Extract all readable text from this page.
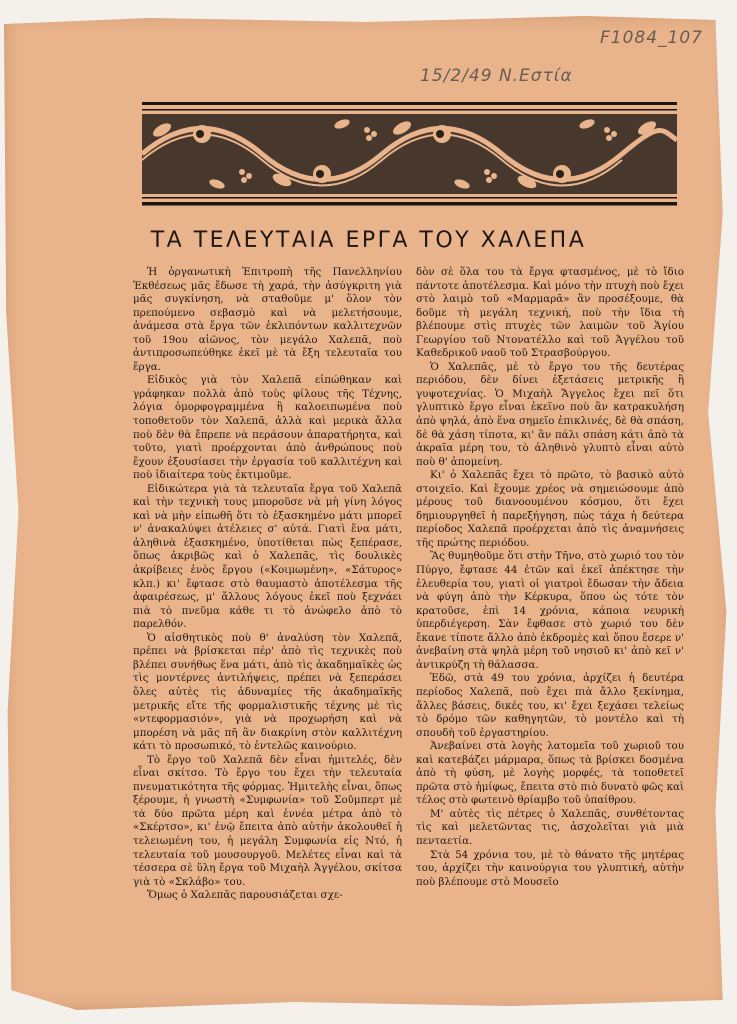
F1084_107
15/2/49 Ν.Εστία
ΤΑ ΤΕΛΕΥΤΑΙΑ ΕΡΓΑ ΤΟΥ ΧΑΛΕΠΑ

Ἡ ὀργανωτικὴ Ἐπιτροπὴ τῆς Πανελληνίου Ἐκθέσεως μᾶς ἔδωσε τὴ χαρά, τὴν ἀσύγκριτη γιὰ μᾶς συγκίνηση, νὰ σταθοῦμε μ' ὅλον τὸν πρεπούμενο σεβασμὸ καὶ νὰ μελετήσουμε, ἀνάμεσα στὰ ἔργα τῶν ἐκλιπόντων καλλιτεχνῶν τοῦ 19ου αἰῶνος, τὸν μεγάλο Χαλεπᾶ, ποὺ ἀντιπροσωπεύθηκε ἐκεῖ μὲ τὰ ἔξη τελευταῖα του ἔργα.

Εἰδικὸς γιὰ τὸν Χαλεπᾶ εἰπώθηκαν καὶ γράφηκαν πολλὰ ἀπὸ τοὺς φίλους τῆς Τέχνης, λόγια ὁμορφογραμμένα ἢ καλοειπωμένα ποὺ τοποθετοῦν τὸν Χαλεπᾶ, ἀλλὰ καὶ μερικὰ ἄλλα ποὺ δὲν θὰ ἔπρεπε νὰ περάσουν ἀπαρατήρητα, καὶ τοῦτο, γιατὶ προέρχονται ἀπὸ ἀνθρώπους ποὺ ἔχουν ἐξουσίασει τὴν ἐργασία τοῦ καλλιτέχνη καὶ ποὺ ἰδιαίτερα τοὺς ἐκτιμοῦμε.

Εἰδικώτερα γιὰ τὰ τελευταῖα ἔργα τοῦ Χαλεπᾶ καὶ τὴν τεχνικὴ τους μποροῦσε νὰ μὴ γίνη λόγος καὶ νὰ μὴν εἰπωθῆ ὅτι τὸ ἐξασκημένο μάτι μπορεῖ ν' ἀνακαλύψει ἀτέλειες σ' αὐτά. Γιατὶ ἕνα μάτι, ἀληθινὰ ἐξασκημένο, ὑποτίθεται πὼς ξεπέρασε, ὅπως ἀκριβῶς καὶ ὁ Χαλεπᾶς, τὶς δουλικὲς ἀκρίβειες ἑνὸς ἔργου («Κοιμωμένη», «Σάτυρος» κλπ.) κι' ἔφτασε στὸ θαυμαστὸ ἀποτέλεσμα τῆς ἀφαιρέσεως, μ' ἄλλους λόγους ἐκεῖ ποὺ ξεχνάει πιὰ τὸ πνεῦμα κάθε τι τὸ ἀνώφελο ἀπὸ τὸ παρελθόν.

Ὁ αἰσθητικὸς ποὺ θ' ἀναλύση τὸν Χαλεπᾶ, πρέπει νὰ βρίσκεται πέρ' ἀπὸ τὶς τεχνικὲς ποὺ βλέπει συνήθως ἕνα μάτι, ἀπὸ τὶς ἀκαδημαϊκὲς ὡς τὶς μοντέρνες ἀντιλήψεις, πρέπει νὰ ξεπεράσει ὅλες αὐτὲς τὶς ἀδυναμίες τῆς ἀκαδημαϊκῆς μετρικῆς εἴτε τῆς φορμαλιστικῆς τέχνης μὲ τὶς «ντεφορμασιόν», γιὰ νὰ προχωρήση καὶ νὰ μπορέση νὰ μᾶς πῆ ἂν διακρίνη στὸν καλλιτέχνη κάτι τὸ προσωπικό, τὸ ἐντελῶς καινούριο.

Τὸ ἔργο τοῦ Χαλεπᾶ δὲν εἶναι ἡμιτελές, δὲν εἶναι σκίτσο. Τὸ ἔργο του ἔχει τὴν τελευταία πνευματικότητα τῆς φόρμας. Ἡμιτελὴς εἶναι, ὅπως ξέρουμε, ἡ γνωστὴ «Συμφωνία» τοῦ Σοῦμπερτ μὲ τὰ δύο πρῶτα μέρη καὶ ἐννέα μέτρα ἀπὸ τὸ «Σκέρτσο», κι' ἐνῷ ἔπειτα ἀπὸ αὐτὴν ἀκολουθεῖ ἡ τελειωμένη του, ἡ μεγάλη Συμφωνία εἰς Ντό, ἡ τελευταία τοῦ μουσουργοῦ. Μελέτες εἶναι καὶ τὰ τέσσερα σὲ ὕλη ἔργα τοῦ Μιχαὴλ Ἀγγέλου, σκίτσα γιὰ τὸ «Σκλάβο» του.

Ὅμως ὁ Χαλεπᾶς παρουσιάζεται σχε-

δὸν σὲ ὅλα του τὰ ἔργα φτασμένος, μὲ τὸ ἴδιο πάντοτε ἀποτέλεσμα. Καὶ μόνο τὴν πτυχὴ ποὺ ἔχει στὸ λαιμὸ τοῦ «Μαρμαρᾶ» ἂν προσέξουμε, θὰ δοῦμε τὴ μεγάλη τεχνική, ποὺ τὴν ἴδια τὴ βλέπουμε στὶς πτυχὲς τῶν λαιμῶν τοῦ Ἁγίου Γεωργίου τοῦ Ντονατέλλο καὶ τοῦ Ἀγγέλου τοῦ Καθεδρικοῦ ναοῦ τοῦ Στρασβούργου.

Ὁ Χαλεπᾶς, μὲ τὸ ἔργο του τῆς δευτέρας περιόδου, δὲν δίνει ἐξετάσεις μετρικῆς ἢ γυψοτεχνίας. Ὁ Μιχαὴλ Ἄγγελος ἔχει πεῖ ὅτι γλυπτικὸ ἔργο εἶναι ἐκεῖνο ποὺ ἂν κατρακυλήση ἀπὸ ψηλά, ἀπὸ ἕνα σημεῖο ἐπικλινές, δὲ θὰ σπάση, δὲ θὰ χάση τίποτα, κι' ἂν πάλι σπάση κάτι ἀπὸ τὰ ἀκραῖα μέρη του, τὸ ἀληθινὸ γλυπτὸ εἶναι αὐτὸ ποὺ θ' ἀπομείνη.

Κι' ὁ Χαλεπᾶς ἔχει τὸ πρῶτο, τὸ βασικὸ αὐτὸ στοιχεῖο. Καὶ ἔχουμε χρέος νὰ σημειώσουμε ἀπὸ μέρους τοῦ διανοουμένου κόσμου, ὅτι ἔχει δημιουργηθεῖ ἡ παρεξήγηση, πὼς τάχα ἡ δεύτερα περίοδος Χαλεπᾶ προέρχεται ἀπὸ τὶς ἀναμνήσεις τῆς πρώτης περιόδου.

Ἂς θυμηθοῦμε ὅτι στὴν Τῆνο, στὸ χωριό του τὸν Πύργο, ἔφτασε 44 ἐτῶν καὶ ἐκεῖ ἀπέκτησε τὴν ἐλευθερία του, γιατὶ οἱ γιατροὶ ἔδωσαν τὴν ἄδεια νὰ φύγη ἀπὸ τὴν Κέρκυρα, ὅπου ὡς τότε τὸν κρατοῦσε, ἐπὶ 14 χρόνια, κάποια νευρικὴ ὑπερδιέγερση. Σὰν ἔφθασε στὸ χωριό του δὲν ἔκανε τίποτε ἄλλο ἀπὸ ἐκδρομὲς καὶ ὅπου ἔσερε ν' ἀνεβαίνη στὰ ψηλὰ μέρη τοῦ νησιοῦ κι' ἀπὸ κεῖ ν' ἀντικρύζη τὴ θάλασσα.

Ἐδῶ, στὰ 49 του χρόνια, ἀρχίζει ἡ δευτέρα περίοδος Χαλεπᾶ, ποὺ ἔχει πιὰ ἄλλο ξεκίνημα, ἄλλες βάσεις, δικές του, κι' ἔχει ξεχάσει τελείως τὸ δρόμο τῶν καθηγητῶν, τὸ μοντέλο καὶ τὴ σπουδὴ τοῦ ἐργαστηρίου.

Ἀνεβαίνει στὰ λογὴς λατομεῖα τοῦ χωριοῦ του καὶ κατεβάζει μάρμαρα, ὅπως τὰ βρίσκει δοσμένα ἀπὸ τὴ φύση, μὲ λογὴς μορφές, τὰ τοποθετεῖ πρῶτα στὸ ἡμίφως, ἔπειτα στὸ πιὸ δυνατὸ φῶς καὶ τέλος στὸ φωτεινὸ θρίαμβο τοῦ ὑπαίθρου.

Μ' αὐτὲς τὶς πέτρες ὁ Χαλεπᾶς, συνθέτοντας τὶς καὶ μελετῶντας τις, ἀσχολεῖται γιὰ μιὰ πενταετία.

Στὰ 54 χρόνια του, μὲ τὸ θάνατο τῆς μητέρας του, ἀρχίζει τὴν καινούργια του γλυπτική, αὐτὴν ποὺ βλέπουμε στὸ Μουσεῖο
